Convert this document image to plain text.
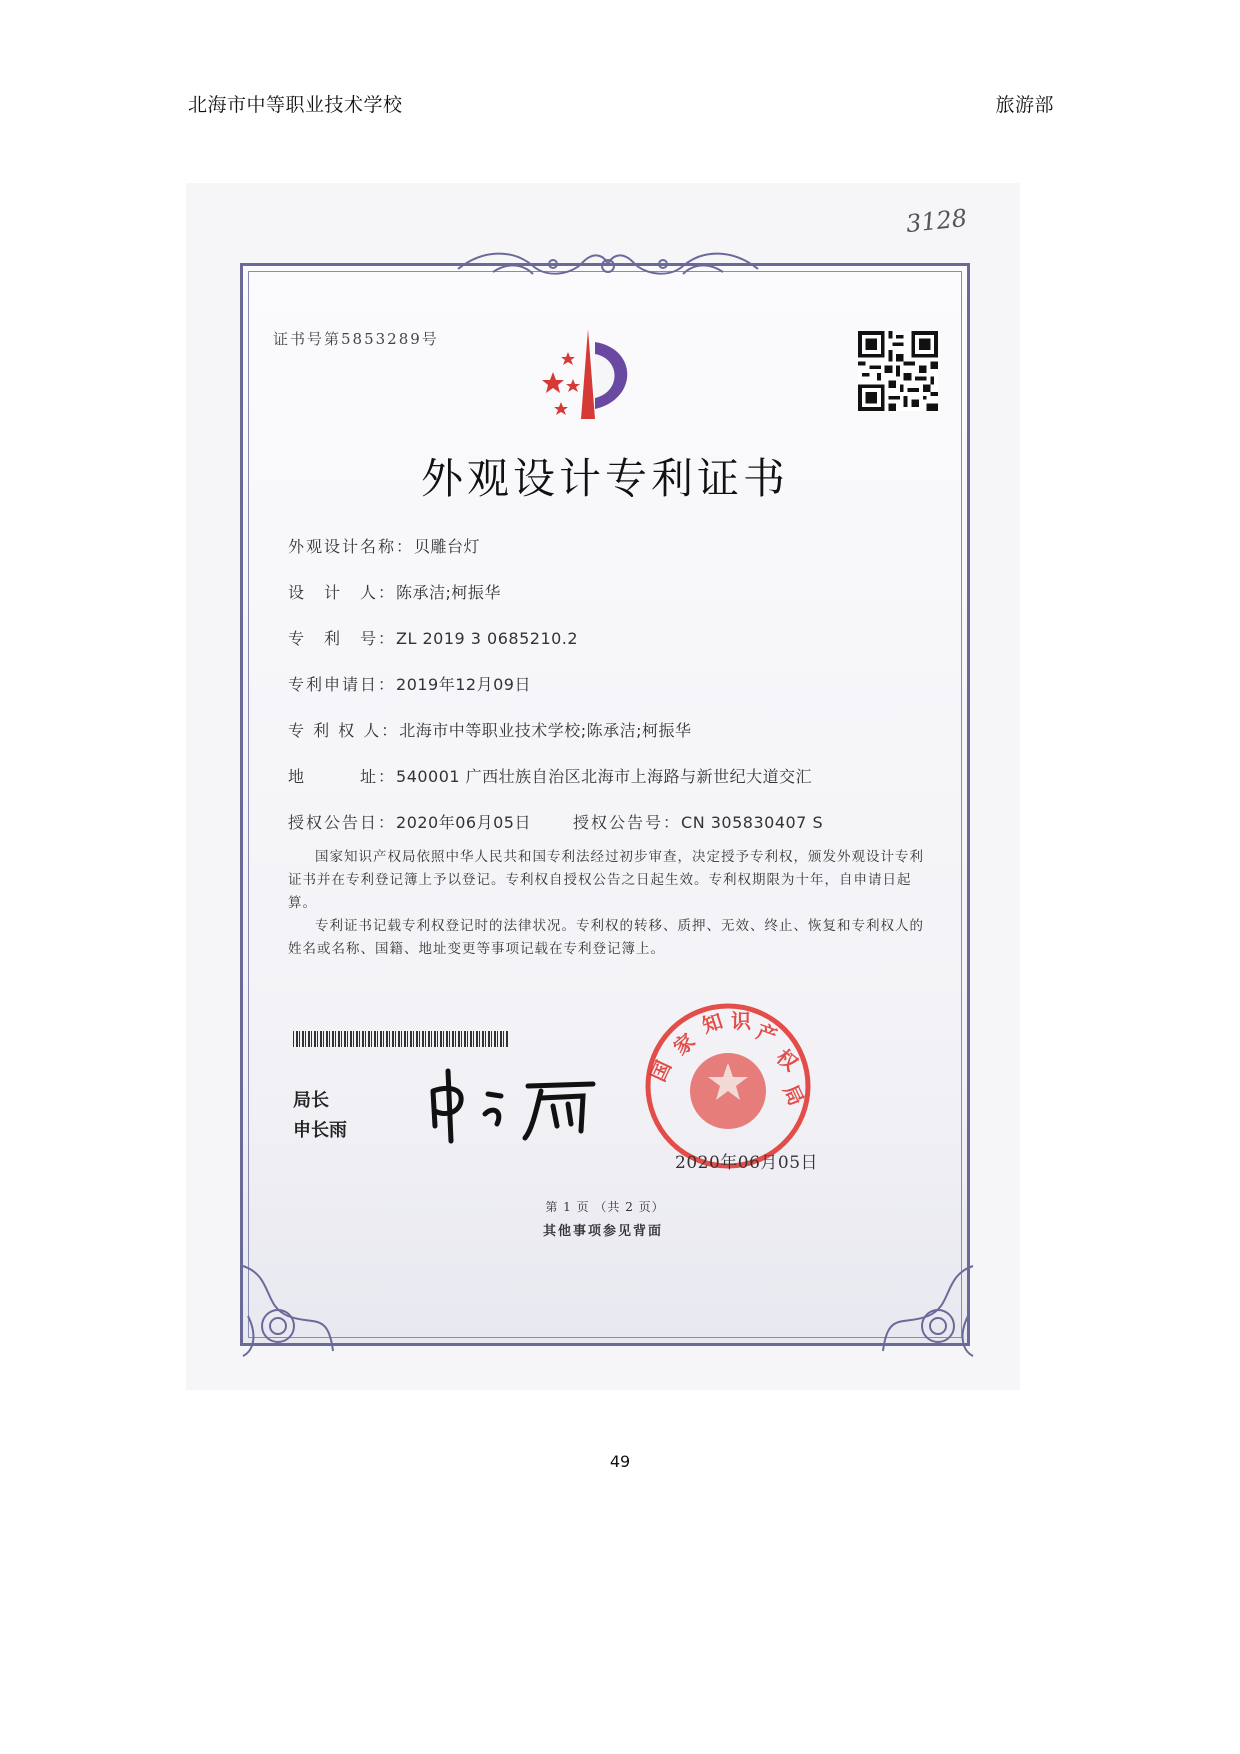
北海市中等职业技术学校	旅游部
3128
证书号第5853289号
外观设计专利证书
外观设计名称：贝雕台灯
设　计　人：陈承洁;柯振华
专　利　号：ZL 2019 3 0685210.2
专利申请日：2019年12月09日
专 利 权 人：北海市中等职业技术学校;陈承洁;柯振华
地　　　址：540001 广西壮族自治区北海市上海路与新世纪大道交汇
授权公告日：2020年06月05日	授权公告号：CN 305830407 S

国家知识产权局依照中华人民共和国专利法经过初步审查，决定授予专利权，颁发外观设计专利证书并在专利登记簿上予以登记。专利权自授权公告之日起生效。专利权期限为十年，自申请日起算。

专利证书记载专利权登记时的法律状况。专利权的转移、质押、无效、终止、恢复和专利权人的姓名或名称、国籍、地址变更等事项记载在专利登记簿上。

局长
申长雨
家
知 识 产
权
国
局
2020年06月05日
第 1 页 （共 2 页）
其他事项参见背面
49
